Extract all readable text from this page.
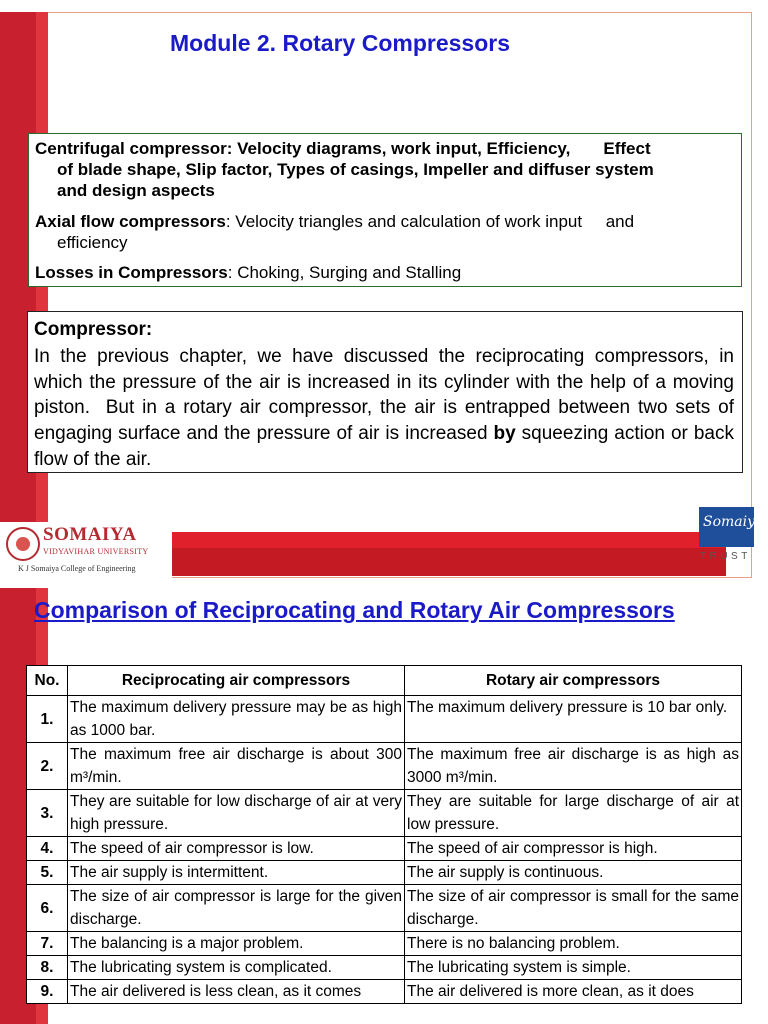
Module 2. Rotary Compressors
Centrifugal compressor: Velocity diagrams, work input, Efficiency,       Effect
of blade shape, Slip factor, Types of casings, Impeller and diffuser system
and design aspects
Axial flow compressors: Velocity triangles and calculation of work input     and
efficiency
Losses in Compressors: Choking, Surging and Stalling
Compressor:
In the previous chapter, we have discussed the reciprocating compressors, in which the pressure of the air is increased in its cylinder with the help of a moving piston.  But in a rotary air compressor, the air is entrapped between two sets of engaging surface and the pressure of air is increased by squeezing action or back flow of the air.
SOMAIYA
VIDYAVIHAR UNIVERSITY
K J Somaiya College of Engineering
Somaiya
TRUST
Comparison of Reciprocating and Rotary Air Compressors
No.	Reciprocating air compressors	Rotary air compressors
1.	The maximum delivery pressure may be as high as 1000 bar.	The maximum delivery pressure is 10 bar only.
2.	The maximum free air discharge is about 300 m³/min.	The maximum free air discharge is as high as 3000 m³/min.
3.	They are suitable for low discharge of air at very high pressure.	They are suitable for large discharge of air at low pressure.
4.	The speed of air compressor is low.	The speed of air compressor is high.
5.	The air supply is intermittent.	The air supply is continuous.
6.	The size of air compressor is large for the given discharge.	The size of air compressor is small for the same discharge.
7.	The balancing is a major problem.	There is no balancing problem.
8.	The lubricating system is complicated.	The lubricating system is simple.
9.	The air delivered is less clean, as it comes	The air delivered is more clean, as it does
